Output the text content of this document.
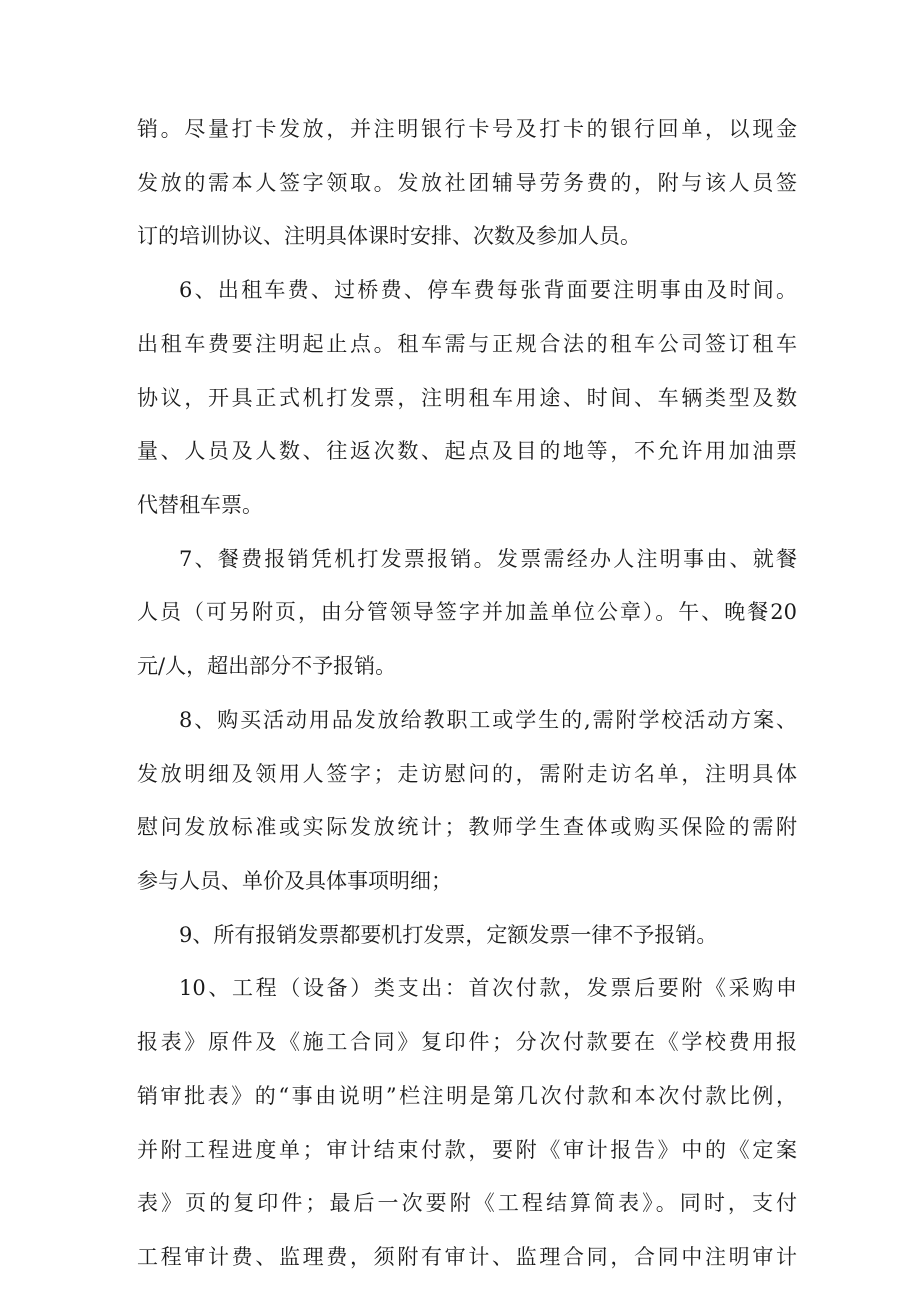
销。尽量打卡发放，并注明银行卡号及打卡的银行回单，以现金
发放的需本人签字领取。发放社团辅导劳务费的，附与该人员签
订的培训协议、注明具体课时安排、次数及参加人员。
6、出租车费、过桥费、停车费每张背面要注明事由及时间。
出租车费要注明起止点。租车需与正规合法的租车公司签订租车
协议，开具正式机打发票，注明租车用途、时间、车辆类型及数
量、人员及人数、往返次数、起点及目的地等，不允许用加油票
代替租车票。
7、餐费报销凭机打发票报销。发票需经办人注明事由、就餐
人员（可另附页，由分管领导签字并加盖单位公章）。午、晚餐20
元/人，超出部分不予报销。
8、购买活动用品发放给教职工或学生的,需附学校活动方案、
发放明细及领用人签字；走访慰问的，需附走访名单，注明具体
慰问发放标准或实际发放统计；教师学生查体或购买保险的需附
参与人员、单价及具体事项明细；
9、所有报销发票都要机打发票，定额发票一律不予报销。
10、工程（设备）类支出：首次付款，发票后要附《采购申
报表》原件及《施工合同》复印件；分次付款要在《学校费用报
销审批表》的“事由说明”栏注明是第几次付款和本次付款比例，
并附工程进度单；审计结束付款，要附《审计报告》中的《定案
表》页的复印件；最后一次要附《工程结算简表》。同时，支付
工程审计费、监理费，须附有审计、监理合同，合同中注明审计
